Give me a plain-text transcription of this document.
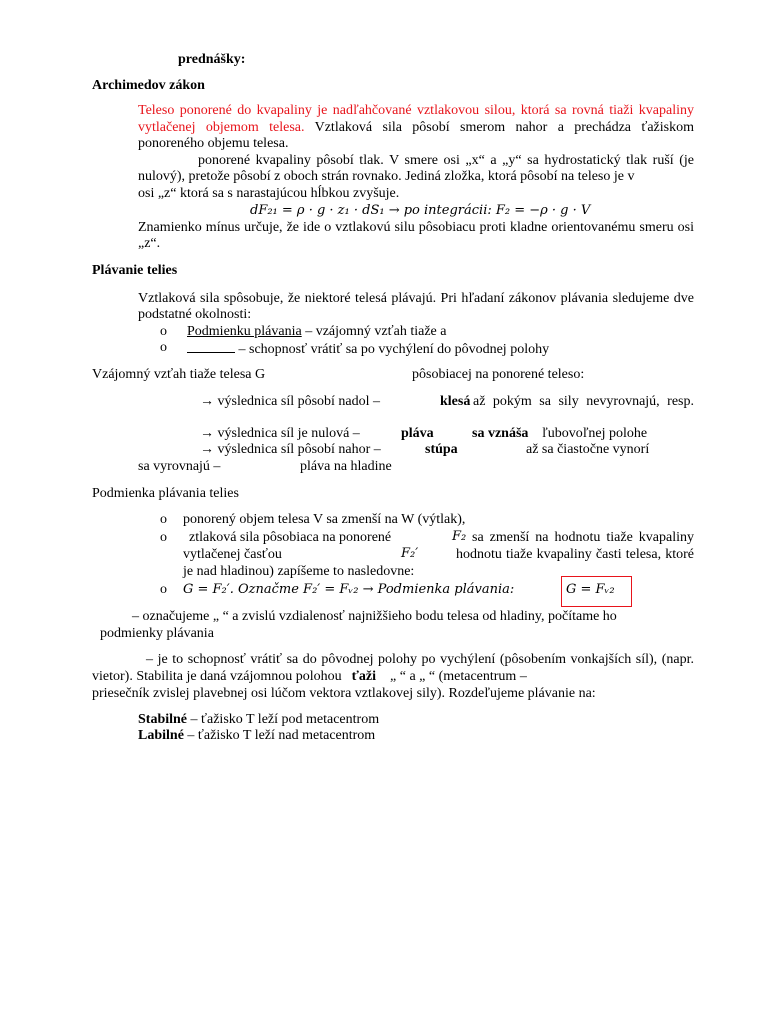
prednášky:
Archimedov zákon
Teleso ponorené do kvapaliny je nadľahčované vztlakovou silou, ktorá sa rovná tiaži kvapaliny
vytlačenej objemom telesa. Vztlaková sila pôsobí smerom nahor a prechádza ťažiskom
ponoreného objemu telesa.
ponorené kvapaliny pôsobí tlak. V smere osi „x“ a „y“ sa hydrostatický tlak ruší (je
nulový), pretože pôsobí z oboch strán rovnako. Jediná zložka, ktorá pôsobí na teleso je v
osi „z“ ktorá sa s narastajúcou hĺbkou zvyšuje.
dF₂₁ = ρ · g · z₁ · dS₁ → po integrácii: F₂ = −ρ · g · V
Znamienko mínus určuje, že ide o vztlakovú silu pôsobiacu proti kladne orientovanému smeru osi
„z“.
Plávanie telies
Vztlaková sila spôsobuje, že niektoré telesá plávajú. Pri hľadaní zákonov plávania sledujeme dve
podstatné okolnosti:
o Podmienku plávania – vzájomný vzťah tiaže a
o	– schopnosť vrátiť sa po vychýlení do pôvodnej polohy
Vzájomný vzťah tiaže telesa G	pôsobiacej na ponorené teleso:
→ výslednica síl pôsobí nadol –	klesá až pokým sa sily nevyrovnajú, resp.
→ výslednica síl je nulová –	pláva	sa vznáša ľubovoľnej polohe
→ výslednica síl pôsobí nahor –	stúpa	až sa čiastočne vynorí
sa vyrovnajú –	pláva na hladine
Podmienka plávania telies
o ponorený objem telesa V sa zmenší na W (výtlak),
o ztlaková sila pôsobiaca na ponorené	F₂ sa zmenší na hodnotu tiaže kvapaliny
vytlačenej časťou	F₂′	hodnotu tiaže kvapaliny časti telesa, ktoré
je nad hladinou) zapíšeme to nasledovne:
o G = F₂′. Označme F₂′ = Fᵥ₂ → Podmienka plávania:	G = Fᵥ₂
– označujeme „ “ a zvislú vzdialenosť najnižšieho bodu telesa od hladiny, počítame ho
podmienky plávania
– je to schopnosť vrátiť sa do pôvodnej polohy po vychýlení (pôsobením vonkajších síl), (napr.
vietor). Stabilita je daná vzájomnou polohou ťaži „ “ a „ “ (metacentrum –
priesečník zvislej plavebnej osi lúčom vektora vztlakovej sily). Rozdeľujeme plávanie na:
Stabilné – ťažisko T leží pod metacentrom
Labilné – ťažisko T leží nad metacentrom
